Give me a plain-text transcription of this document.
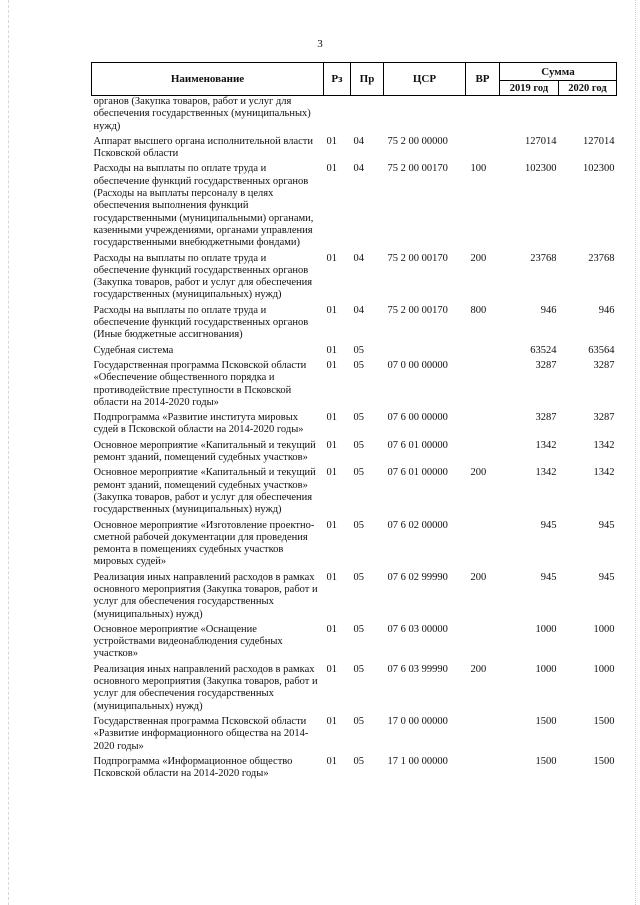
3
Наименование	Рз	Пр	ЦСР	ВР	Сумма	
					2019 год	2020 год
органов (Закупка товаров, работ и услуг для обеспечения государственных (муниципальных) нужд)						
Аппарат высшего органа исполнительной власти Псковской области	01	04	75 2 00 00000		127014	127014
Расходы на выплаты по оплате труда и обеспечение функций государственных органов (Расходы на выплаты персоналу в целях обеспечения выполнения функций государственными (муниципальными) органами, казенными учреждениями, органами управления государственными внебюджетными фондами)	01	04	75 2 00 00170	100	102300	102300
Расходы на выплаты по оплате труда и обеспечение функций государственных органов (Закупка товаров, работ и услуг для обеспечения государственных (муниципальных) нужд)	01	04	75 2 00 00170	200	23768	23768
Расходы на выплаты по оплате труда и обеспечение функций государственных органов (Иные бюджетные ассигнования)	01	04	75 2 00 00170	800	946	946
Судебная система	01	05			63524	63564
Государственная программа Псковской области «Обеспечение общественного порядка и противодействие преступности в Псковской области на 2014-2020 годы»	01	05	07 0 00 00000		3287	3287
Подпрограмма «Развитие института мировых судей в Псковской области на 2014-2020 годы»	01	05	07 6 00 00000		3287	3287
Основное мероприятие «Капитальный и текущий ремонт зданий, помещений судебных участков»	01	05	07 6 01 00000		1342	1342
Основное мероприятие «Капитальный и текущий ремонт зданий, помещений судебных участков» (Закупка товаров, работ и услуг для обеспечения государственных (муниципальных) нужд)	01	05	07 6 01 00000	200	1342	1342
Основное мероприятие «Изготовление проектно-сметной рабочей документации для проведения ремонта в помещениях судебных участков мировых судей»	01	05	07 6 02 00000		945	945
Реализация иных направлений расходов в рамках основного мероприятия (Закупка товаров, работ и услуг для обеспечения государственных (муниципальных) нужд)	01	05	07 6 02 99990	200	945	945
Основное мероприятие «Оснащение устройствами видеонаблюдения судебных участков»	01	05	07 6 03 00000		1000	1000
Реализация иных направлений расходов в рамках основного мероприятия (Закупка товаров, работ и услуг для обеспечения государственных (муниципальных) нужд)	01	05	07 6 03 99990	200	1000	1000
Государственная программа Псковской области «Развитие информационного общества на 2014-2020 годы»	01	05	17 0 00 00000		1500	1500
Подпрограмма «Информационное общество Псковской области на 2014-2020 годы»	01	05	17 1 00 00000		1500	1500
